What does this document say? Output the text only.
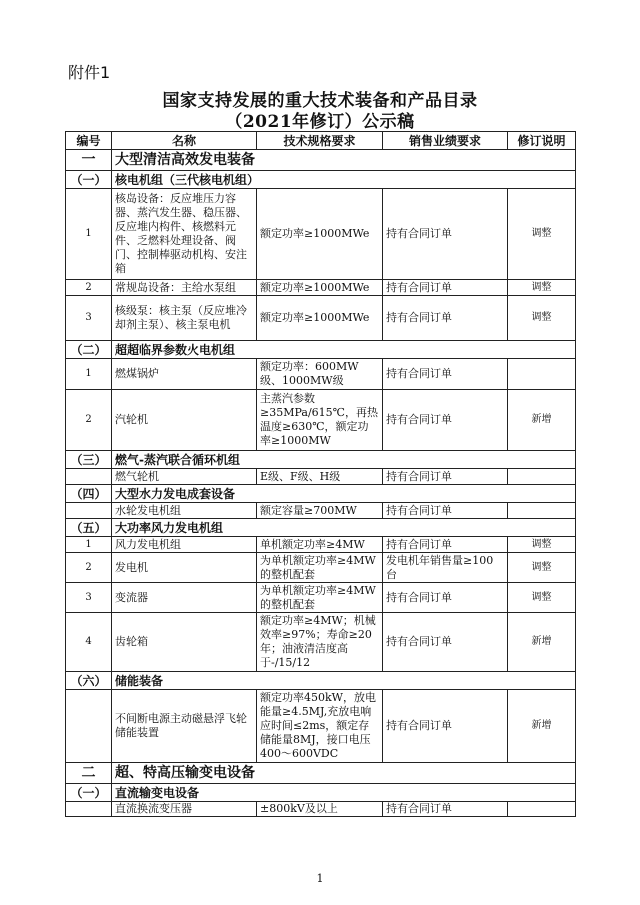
附件1
国家支持发展的重大技术装备和产品目录
（2021年修订）公示稿
编号	名称	技术规格要求	销售业绩要求	修订说明
一	大型清洁高效发电装备			
（一）	核电机组（三代核电机组）			
1	核岛设备：反应堆压力容器、蒸汽发生器、稳压器、反应堆内构件、核燃料元件、乏燃料处理设备、阀门、控制棒驱动机构、安注箱	额定功率≥1000MWe	持有合同订单	调整
2	常规岛设备：主给水泵组	额定功率≥1000MWe	持有合同订单	调整
3	核级泵：核主泵（反应堆冷却剂主泵）、核主泵电机	额定功率≥1000MWe	持有合同订单	调整
（二）	超超临界参数火电机组			
1	燃煤锅炉	额定功率：600MW级、1000MW级	持有合同订单	
2	汽轮机	主蒸汽参数≥35MPa/615℃，再热温度≥630℃，额定功率≥1000MW	持有合同订单	新增
（三）	燃气-蒸汽联合循环机组			
	燃气轮机	E级、F级、H级	持有合同订单	
（四）	大型水力发电成套设备			
	水轮发电机组	额定容量≥700MW	持有合同订单	
（五）	大功率风力发电机组			
1	风力发电机组	单机额定功率≥4MW	持有合同订单	调整
2	发电机	为单机额定功率≥4MW的整机配套	发电机年销售量≥100台	调整
3	变流器	为单机额定功率≥4MW的整机配套	持有合同订单	调整
4	齿轮箱	额定功率≥4MW；机械效率≥97%；寿命≥20年；油液清洁度高于-/15/12	持有合同订单	新增
（六）	储能装备			
	不间断电源主动磁悬浮飞轮储能装置	额定功率450kW，放电能量≥4.5MJ,充放电响应时间≤2ms，额定存储能量8MJ，接口电压400～600VDC	持有合同订单	新增
二	超、特高压输变电设备			
（一）	直流输变电设备			
	直流换流变压器	±800kV及以上	持有合同订单	
1
